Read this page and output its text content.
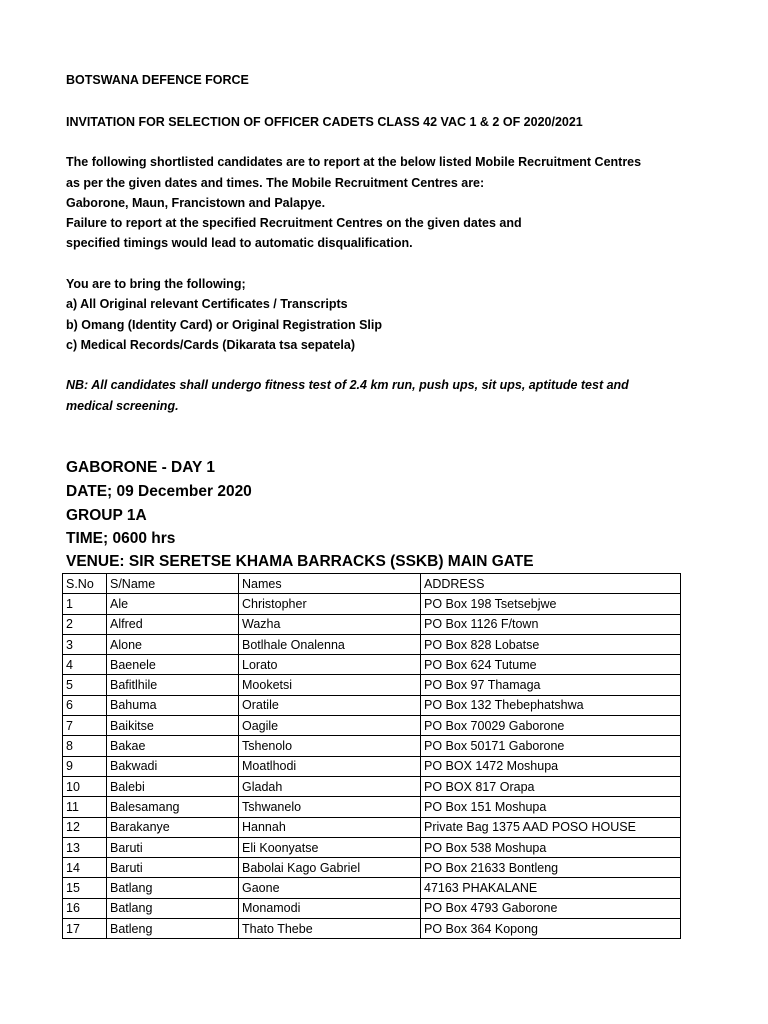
BOTSWANA DEFENCE FORCE

INVITATION FOR SELECTION OF OFFICER CADETS CLASS 42 VAC 1 & 2 OF 2020/2021

The following shortlisted candidates are to report at the below listed Mobile Recruitment Centres

as per the given dates and times. The Mobile Recruitment Centres are:

Gaborone, Maun, Francistown and Palapye.

Failure to report at the specified Recruitment Centres on the given dates and

specified timings would lead to automatic disqualification.

You are to bring the following;

a) All Original relevant Certificates / Transcripts

b) Omang (Identity Card) or Original Registration Slip

c) Medical Records/Cards (Dikarata tsa sepatela)

NB: All candidates shall undergo fitness test of 2.4 km run, push ups, sit ups, aptitude test and

medical screening.

GABORONE - DAY 1

DATE; 09 December 2020

GROUP 1A

TIME; 0600 hrs

VENUE: SIR SERETSE KHAMA BARRACKS (SSKB) MAIN GATE

S.No	S/Name	Names	ADDRESS
1	Ale	Christopher	PO Box 198 Tsetsebjwe
2	Alfred	Wazha	PO Box 1126 F/town
3	Alone	Botlhale Onalenna	PO Box 828 Lobatse
4	Baenele	Lorato	PO Box 624 Tutume
5	Bafitlhile	Mooketsi	PO Box 97 Thamaga
6	Bahuma	Oratile	PO Box 132 Thebephatshwa
7	Baikitse	Oagile	PO Box 70029 Gaborone
8	Bakae	Tshenolo	PO Box 50171 Gaborone
9	Bakwadi	Moatlhodi	PO BOX 1472 Moshupa
10	Balebi	Gladah	PO BOX 817 Orapa
11	Balesamang	Tshwanelo	PO Box 151 Moshupa
12	Barakanye	Hannah	Private Bag 1375 AAD POSO HOUSE
13	Baruti	Eli Koonyatse	PO Box 538 Moshupa
14	Baruti	Babolai Kago Gabriel	PO Box 21633 Bontleng
15	Batlang	Gaone	47163 PHAKALANE
16	Batlang	Monamodi	PO Box 4793 Gaborone
17	Batleng	Thato Thebe	PO Box 364 Kopong
